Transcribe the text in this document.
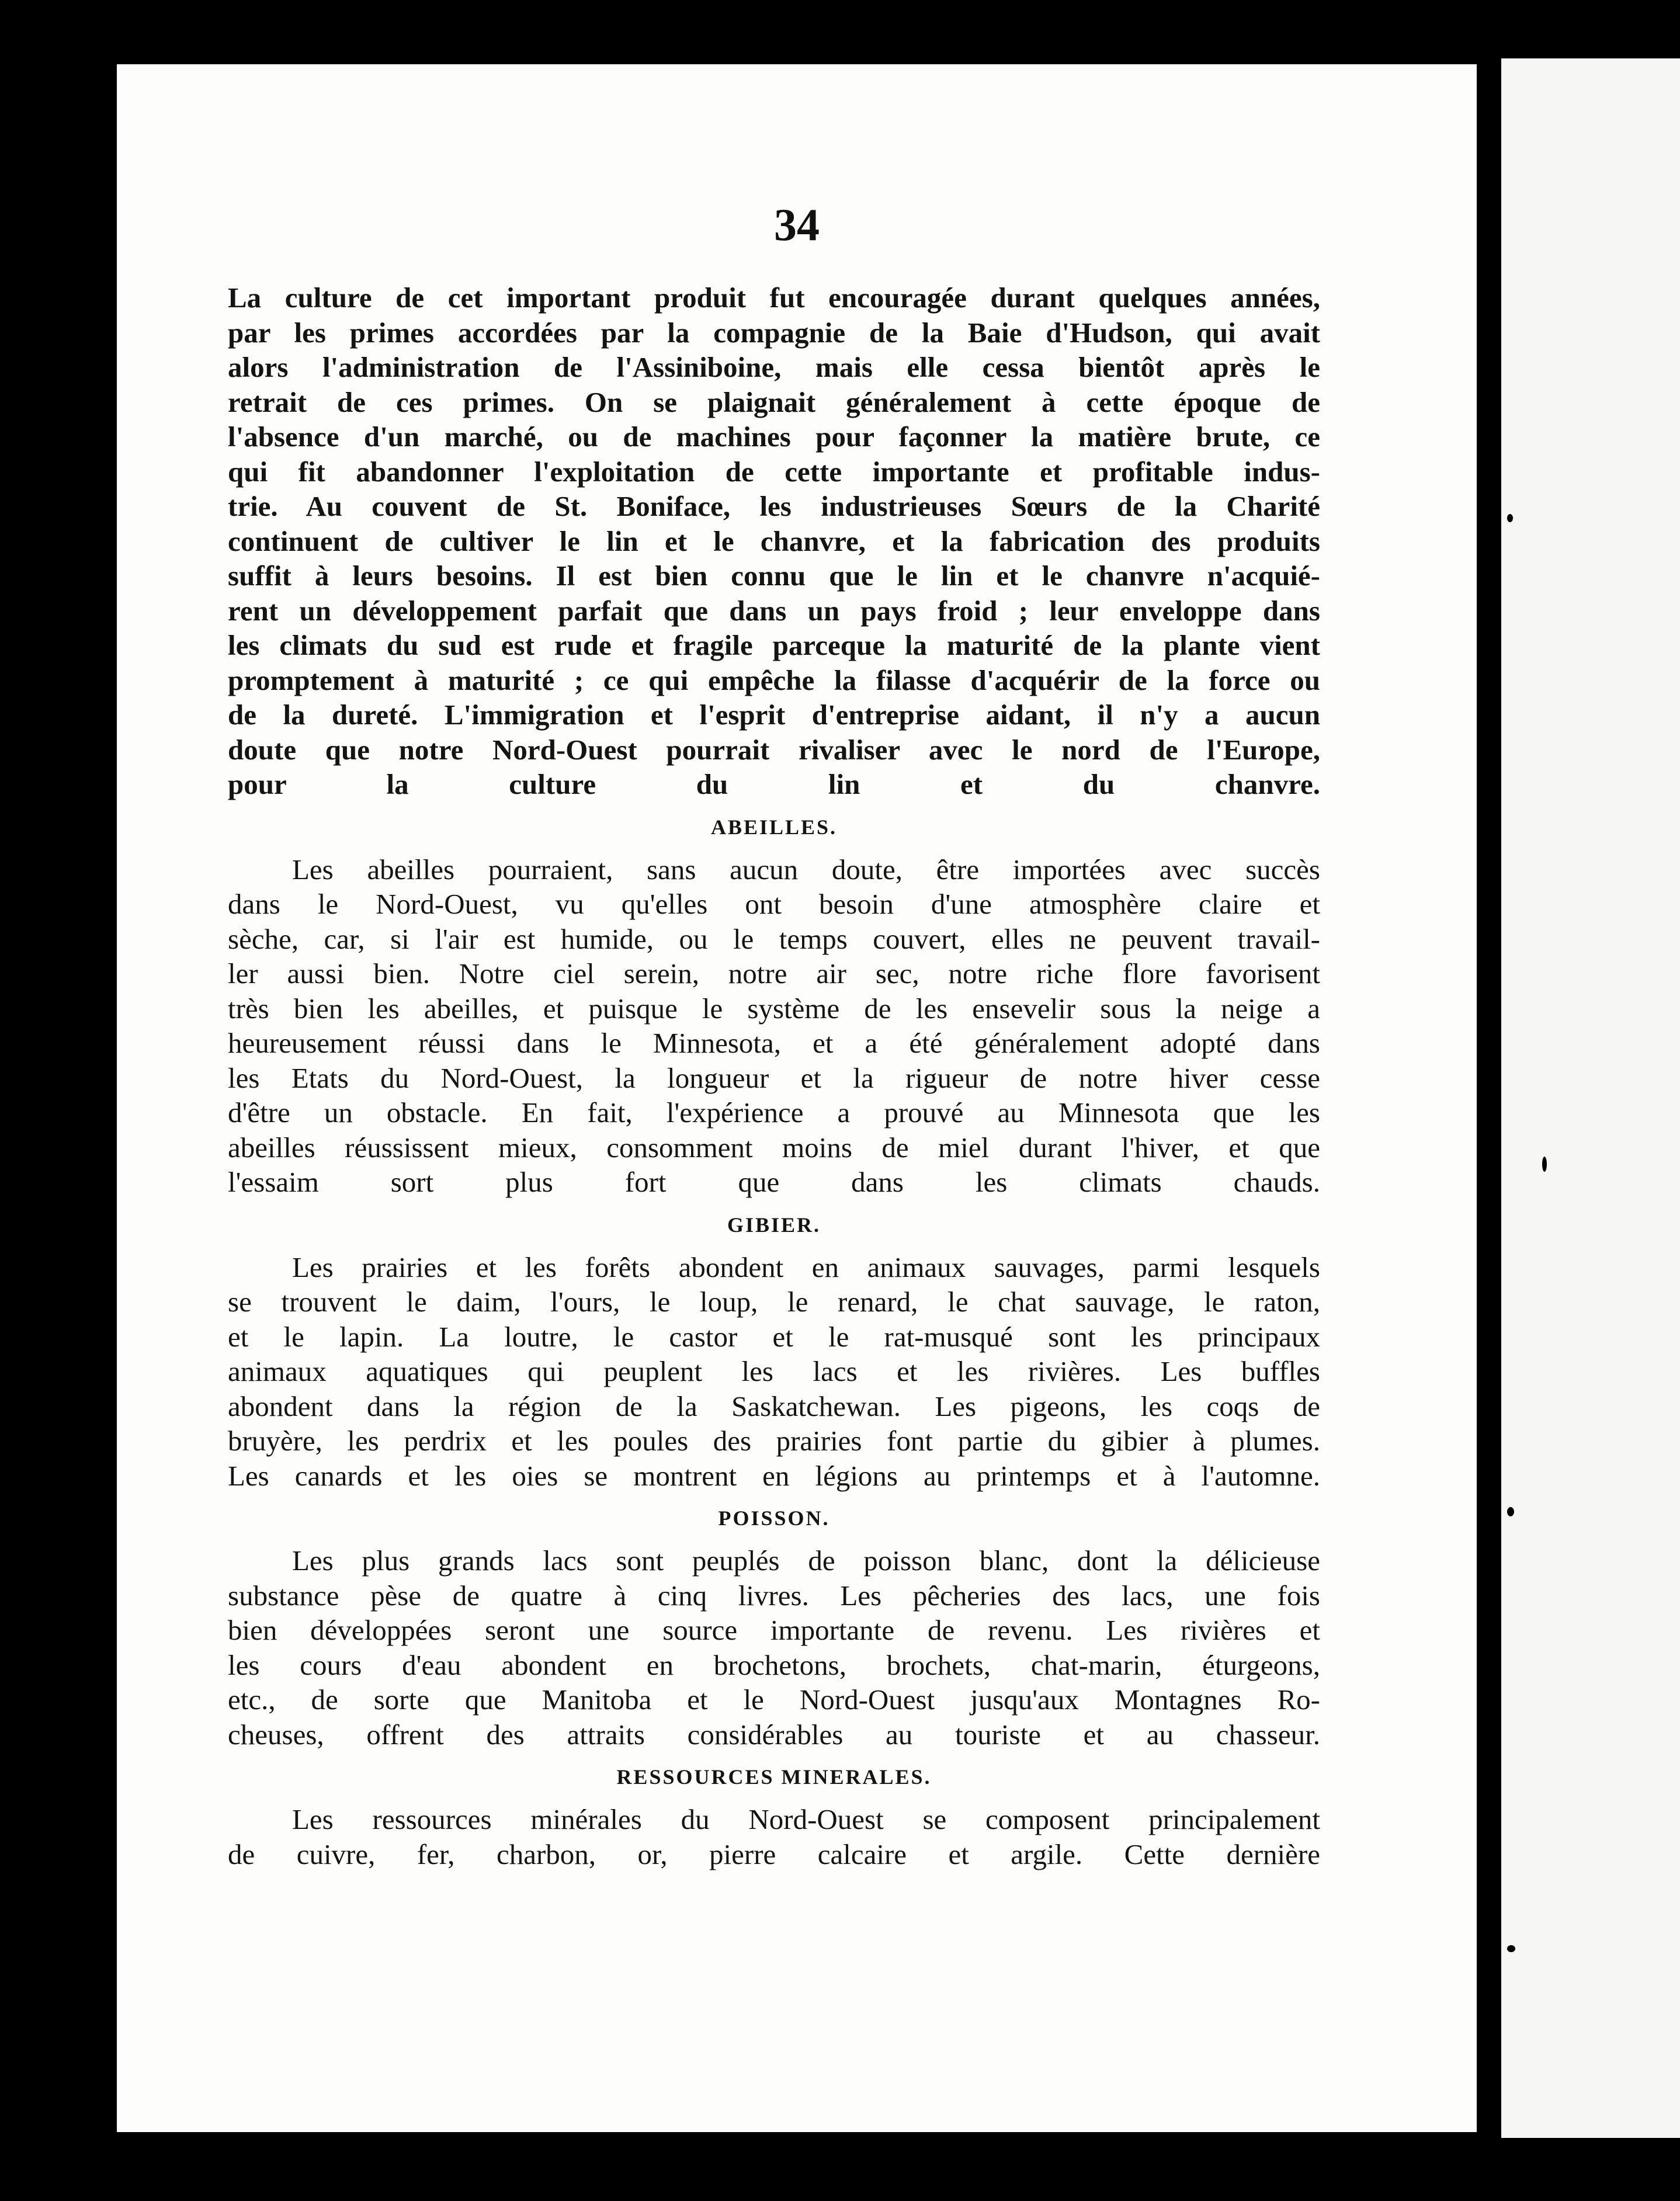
34
La culture de cet important produit fut encouragée durant quelques années,
par les primes accordées par la compagnie de la Baie d'Hudson, qui avait
alors l'administration de l'Assiniboine, mais elle cessa bientôt après le
retrait de ces primes. On se plaignait généralement à cette époque de
l'absence d'un marché, ou de machines pour façonner la matière brute, ce
qui fit abandonner l'exploitation de cette importante et profitable indus-
trie. Au couvent de St. Boniface, les industrieuses Sœurs de la Charité
continuent de cultiver le lin et le chanvre, et la fabrication des produits
suffit à leurs besoins. Il est bien connu que le lin et le chanvre n'acquié-
rent un développement parfait que dans un pays froid ; leur enveloppe dans
les climats du sud est rude et fragile parceque la maturité de la plante vient
promptement à maturité ; ce qui empêche la filasse d'acquérir de la force ou
de la dureté. L'immigration et l'esprit d'entreprise aidant, il n'y a aucun
doute que notre Nord-Ouest pourrait rivaliser avec le nord de l'Europe,
pour la culture du lin et du chanvre.
ABEILLES.
Les abeilles pourraient, sans aucun doute, être importées avec succès
dans le Nord-Ouest, vu qu'elles ont besoin d'une atmosphère claire et
sèche, car, si l'air est humide, ou le temps couvert, elles ne peuvent travail-
ler aussi bien. Notre ciel serein, notre air sec, notre riche flore favorisent
très bien les abeilles, et puisque le système de les ensevelir sous la neige a
heureusement réussi dans le Minnesota, et a été généralement adopté dans
les Etats du Nord-Ouest, la longueur et la rigueur de notre hiver cesse
d'être un obstacle. En fait, l'expérience a prouvé au Minnesota que les
abeilles réussissent mieux, consomment moins de miel durant l'hiver, et que
l'essaim sort plus fort que dans les climats chauds.
GIBIER.
Les prairies et les forêts abondent en animaux sauvages, parmi lesquels
se trouvent le daim, l'ours, le loup, le renard, le chat sauvage, le raton,
et le lapin. La loutre, le castor et le rat-musqué sont les principaux
animaux aquatiques qui peuplent les lacs et les rivières. Les buffles
abondent dans la région de la Saskatchewan. Les pigeons, les coqs de
bruyère, les perdrix et les poules des prairies font partie du gibier à plumes.
Les canards et les oies se montrent en légions au printemps et à l'automne.
POISSON.
Les plus grands lacs sont peuplés de poisson blanc, dont la délicieuse
substance pèse de quatre à cinq livres. Les pêcheries des lacs, une fois
bien développées seront une source importante de revenu. Les rivières et
les cours d'eau abondent en brochetons, brochets, chat-marin, éturgeons,
etc., de sorte que Manitoba et le Nord-Ouest jusqu'aux Montagnes Ro-
cheuses, offrent des attraits considérables au touriste et au chasseur.
RESSOURCES MINERALES.
Les ressources minérales du Nord-Ouest se composent principalement
de cuivre, fer, charbon, or, pierre calcaire et argile. Cette dernière
